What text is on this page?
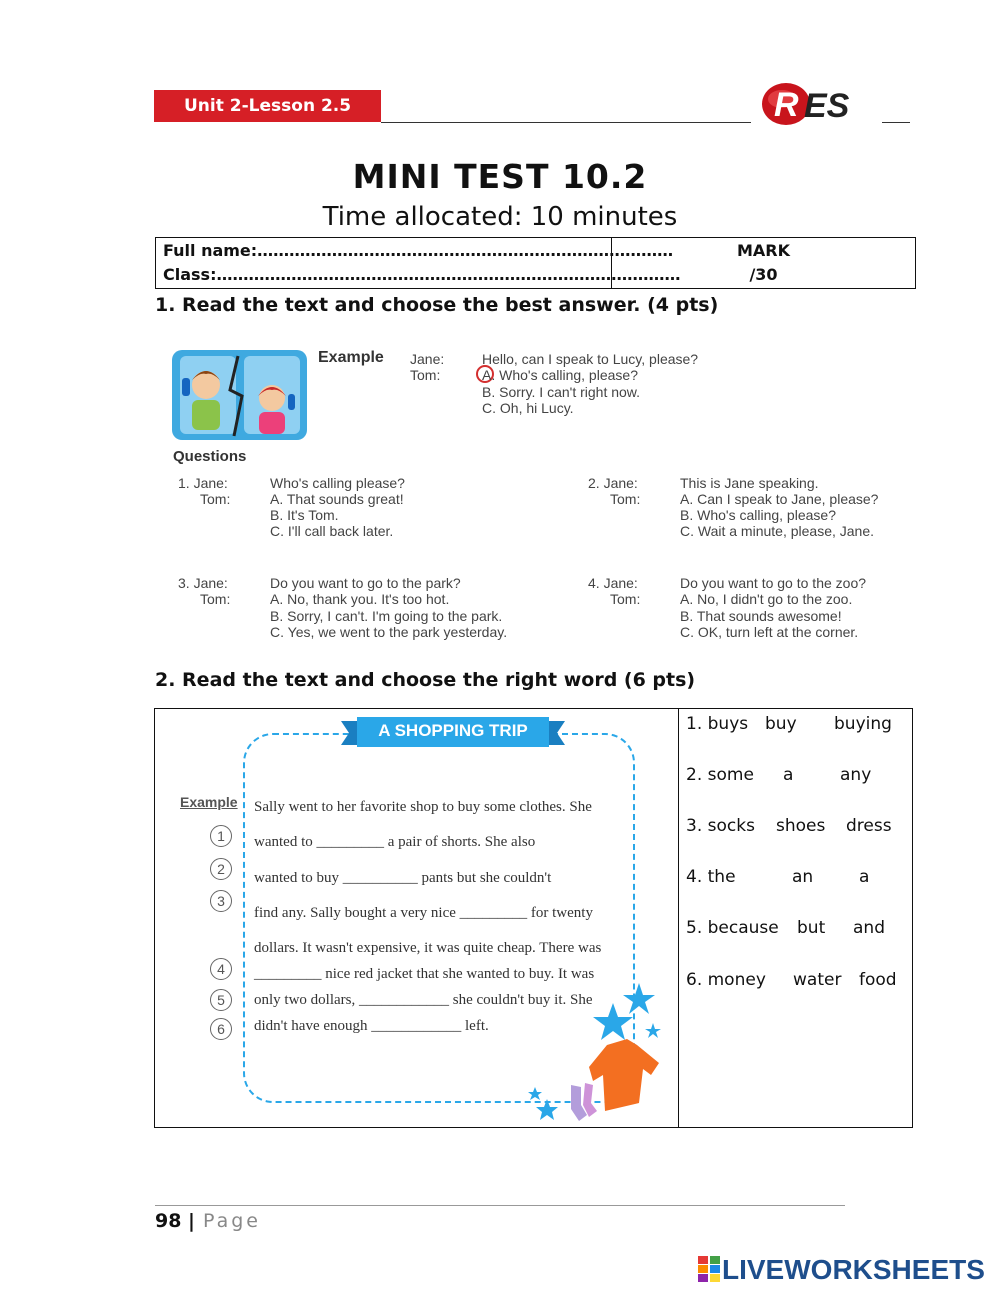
Unit 2-Lesson 2.5	R ES
MINI TEST 10.2
Time allocated: 10 minutes
Full name:……………………………………………………………………
Class:……………………………………………………………………………
MARK
/30
1. Read the text and choose the best answer. (4 pts)
Example Jane:
Tom:
Hello, can I speak to Lucy, please?
A. Who's calling, please?
B. Sorry. I can't right now.
C. Oh, hi Lucy.
Questions
1. Jane:
Tom:
Who's calling please?
A. That sounds great!
B. It's Tom.
C. I'll call back later.
2. Jane:
Tom:
This is Jane speaking.
A. Can I speak to Jane, please?
B. Who's calling, please?
C. Wait a minute, please, Jane.
3. Jane:
Tom:
Do you want to go to the park?
A. No, thank you. It's too hot.
B. Sorry, I can't. I'm going to the park.
C. Yes, we went to the park yesterday.
4. Jane:
Tom:
Do you want to go to the zoo?
A. No, I didn't go to the zoo.
B. That sounds awesome!
C. OK, turn left at the corner.
2. Read the text and choose the right word (6 pts)
A SHOPPING TRIP
Example
1
2
3
4
5
6
Sally went to her favorite shop to buy some clothes. She
wanted to _________ a pair of shorts. She also
wanted to buy __________ pants but she couldn't
find any. Sally bought a very nice _________ for twenty
dollars. It wasn't expensive, it was quite cheap. There was
_________ nice red jacket that she wanted to buy. It was
only two dollars, ____________ she couldn't buy it. She
didn't have enough ____________ left.
1. buys buy buying
2. some a	any
3. socks shoes dress
4. the	an	a
5. because but and
6. money water food
98 | Page
LIVEWORKSHEETS
